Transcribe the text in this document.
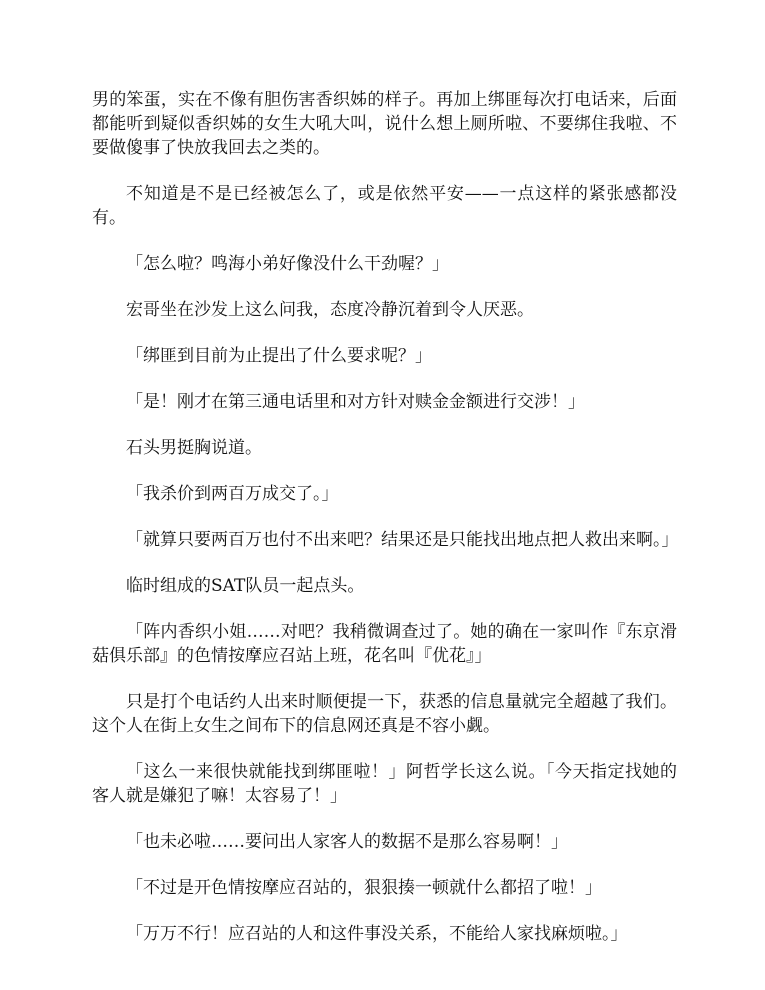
男的笨蛋，实在不像有胆伤害香织姊的样子。再加上绑匪每次打电话来，后面都能听到疑似香织姊的女生大吼大叫，说什么想上厕所啦、不要绑住我啦、不要做傻事了快放我回去之类的。

不知道是不是已经被怎么了，或是依然平安——一点这样的紧张感都没有。

「怎么啦？鸣海小弟好像没什么干劲喔？」

宏哥坐在沙发上这么问我，态度冷静沉着到令人厌恶。

「绑匪到目前为止提出了什么要求呢？」

「是！刚才在第三通电话里和对方针对赎金金额进行交涉！」

石头男挺胸说道。

「我杀价到两百万成交了。」

「就算只要两百万也付不出来吧？结果还是只能找出地点把人救出来啊。」

临时组成的SAT队员一起点头。

「阵内香织小姐……对吧？我稍微调查过了。她的确在一家叫作『东京滑菇俱乐部』的色情按摩应召站上班，花名叫『优花』」

只是打个电话约人出来时顺便提一下，获悉的信息量就完全超越了我们。这个人在街上女生之间布下的信息网还真是不容小觑。

「这么一来很快就能找到绑匪啦！」阿哲学长这么说。「今天指定找她的客人就是嫌犯了嘛！太容易了！」

「也未必啦……要问出人家客人的数据不是那么容易啊！」

「不过是开色情按摩应召站的，狠狠揍一顿就什么都招了啦！」

「万万不行！应召站的人和这件事没关系，不能给人家找麻烦啦。」
